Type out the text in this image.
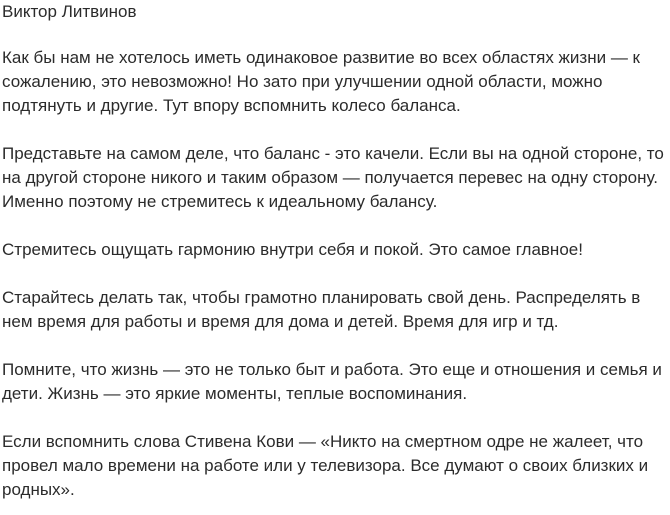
Виктор Литвинов

Как бы нам не хотелось иметь одинаковое развитие во всех областях жизни — к
сожалению, это невозможно! Но зато при улучшении одной области, можно
подтянуть и другие. Тут впору вспомнить колесо баланса.

Представьте на самом деле, что баланс - это качели. Если вы на одной стороне, то
на другой стороне никого и таким образом — получается перевес на одну сторону.
Именно поэтому не стремитесь к идеальному балансу.

Стремитесь ощущать гармонию внутри себя и покой. Это самое главное!

Старайтесь делать так, чтобы грамотно планировать свой день. Распределять в
нем время для работы и время для дома и детей. Время для игр и тд.

Помните, что жизнь — это не только быт и работа. Это еще и отношения и семья и
дети. Жизнь — это яркие моменты, теплые воспоминания.

Если вспомнить слова Стивена Кови — «Никто на смертном одре не жалеет, что
провел мало времени на работе или у телевизора. Все думают о своих близких и
родных».
